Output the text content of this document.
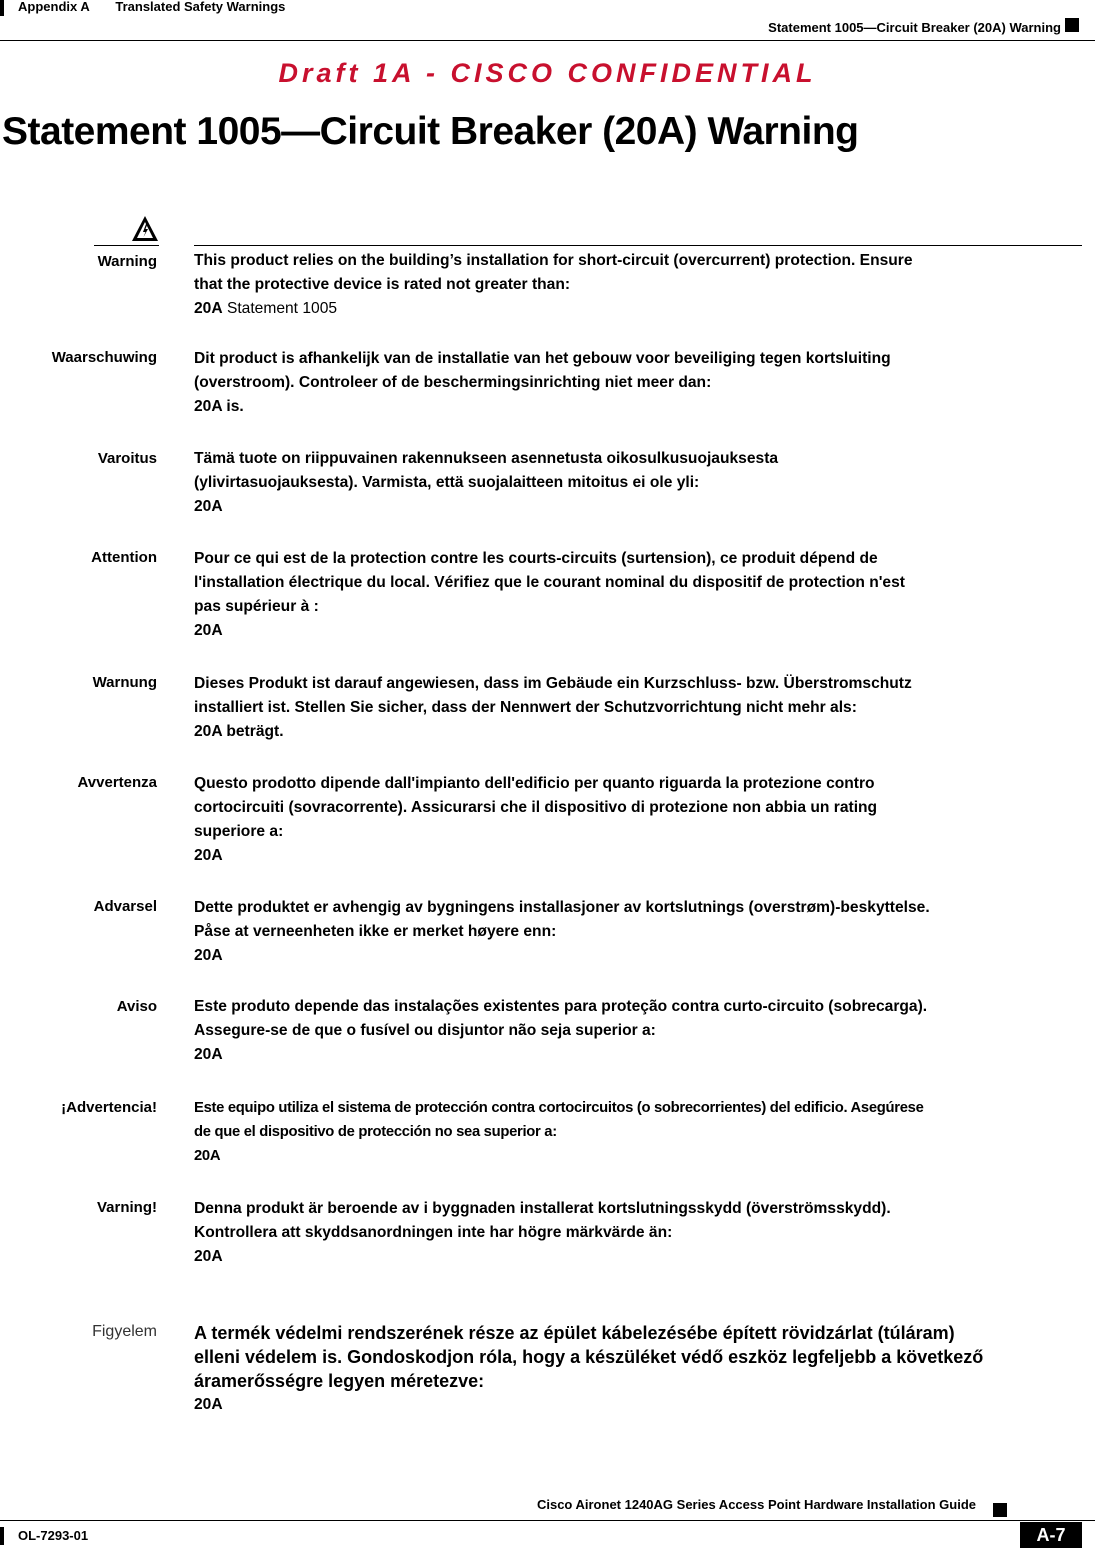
Appendix A Translated Safety Warnings
Statement 1005—Circuit Breaker (20A) Warning
Draft 1A - CISCO CONFIDENTIAL
Statement 1005—Circuit Breaker (20A) Warning
Warning This product relies on the building’s installation for short-circuit (overcurrent) protection. Ensure
that the protective device is rated not greater than:
20A Statement 1005
Waarschuwing Dit product is afhankelijk van de installatie van het gebouw voor beveiliging tegen kortsluiting
(overstroom). Controleer of de beschermingsinrichting niet meer dan:
20A is.
Varoitus Tämä tuote on riippuvainen rakennukseen asennetusta oikosulkusuojauksesta
(ylivirtasuojauksesta). Varmista, että suojalaitteen mitoitus ei ole yli:
20A
Attention Pour ce qui est de la protection contre les courts-circuits (surtension), ce produit dépend de
l'installation électrique du local. Vérifiez que le courant nominal du dispositif de protection n'est
pas supérieur à :
20A
Warnung Dieses Produkt ist darauf angewiesen, dass im Gebäude ein Kurzschluss- bzw. Überstromschutz
installiert ist. Stellen Sie sicher, dass der Nennwert der Schutzvorrichtung nicht mehr als:
20A beträgt.
Avvertenza Questo prodotto dipende dall'impianto dell'edificio per quanto riguarda la protezione contro
cortocircuiti (sovracorrente). Assicurarsi che il dispositivo di protezione non abbia un rating
superiore a:
20A
Advarsel Dette produktet er avhengig av bygningens installasjoner av kortslutnings (overstrøm)-beskyttelse.
Påse at verneenheten ikke er merket høyere enn:
20A
Aviso Este produto depende das instalações existentes para proteção contra curto-circuito (sobrecarga).
Assegure-se de que o fusível ou disjuntor não seja superior a:
20A
¡Advertencia!	Este equipo utiliza el sistema de protección contra cortocircuitos (o sobrecorrientes) del edificio. Asegúrese
de que el dispositivo de protección no sea superior a:
20A
Varning! Denna produkt är beroende av i byggnaden installerat kortslutningsskydd (överströmsskydd).
Kontrollera att skyddsanordningen inte har högre märkvärde än:
20A
Figyelem A termék védelmi rendszerének része az épület kábelezésébe épített rövidzárlat (túláram)
elleni védelem is. Gondoskodjon róla, hogy a készüléket védő eszköz legfeljebb a következő
áramerősségre legyen méretezve:
20A
Cisco Aironet 1240AG Series Access Point Hardware Installation Guide
OL-7293-01	A-7
